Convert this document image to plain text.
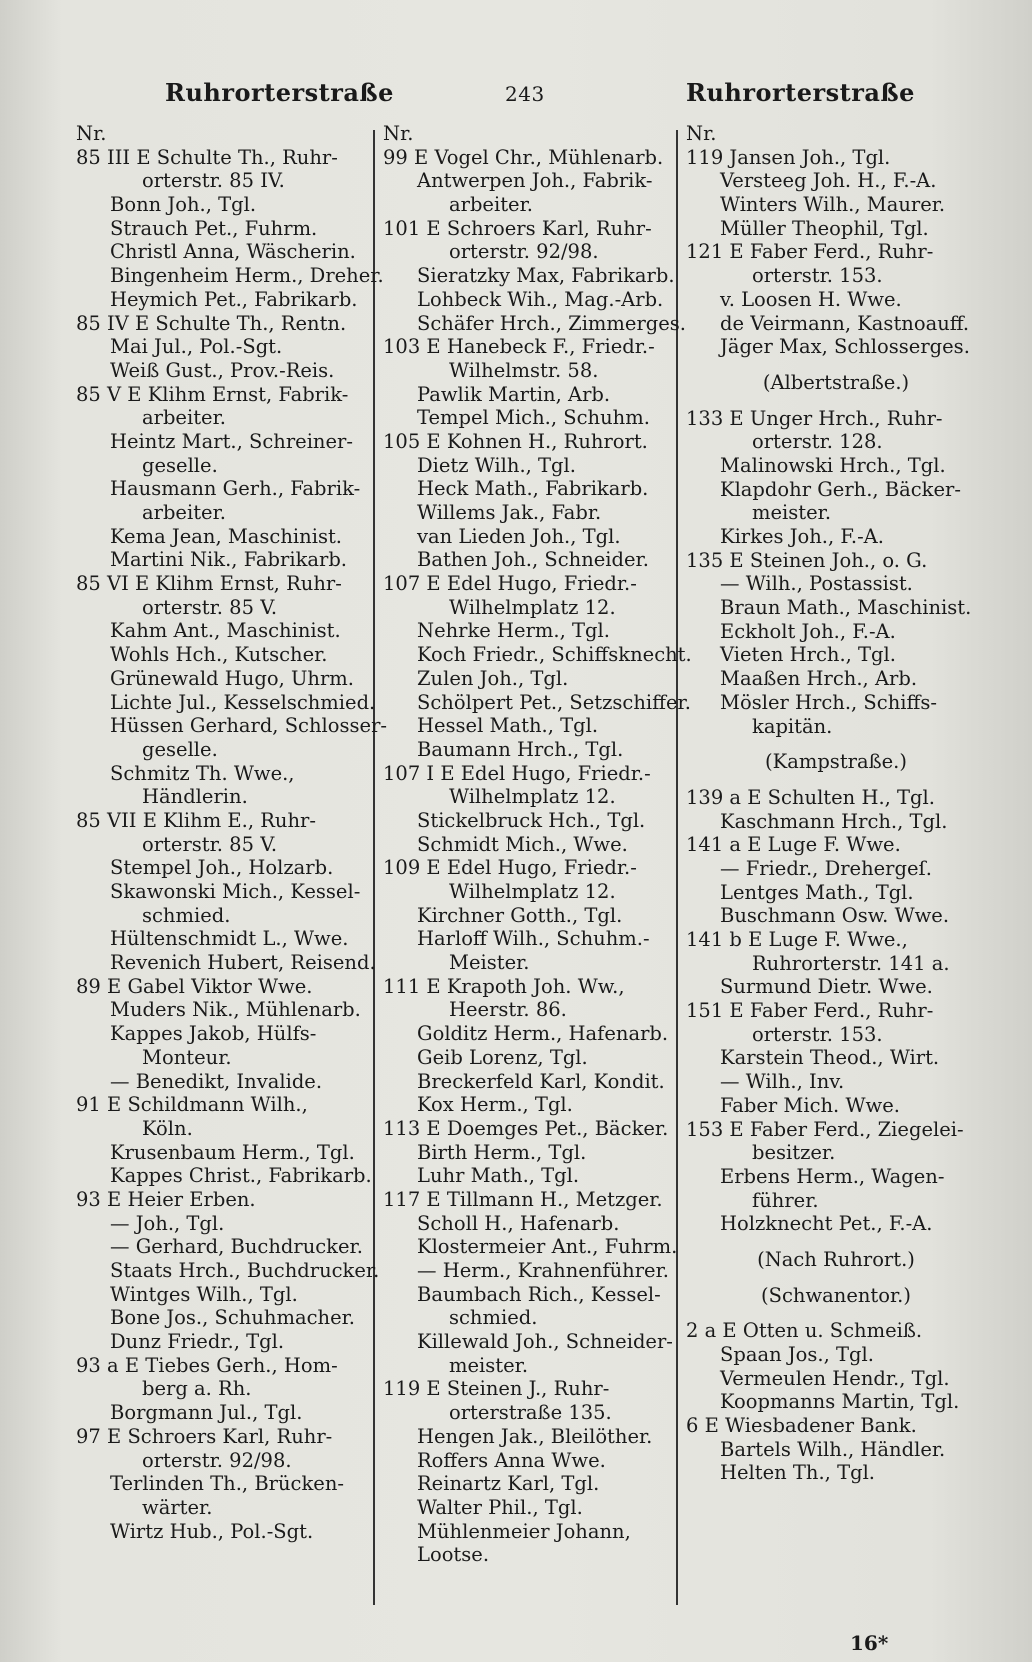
Ruhrorterstraße	243	Ruhrorterstraße
Nr.
85 III E Schulte Th., Ruhr-
orterstr. 85 IV.
Bonn Joh., Tgl.
Strauch Pet., Fuhrm.
Christl Anna, Wäscherin.
Bingenheim Herm., Dreher.
Heymich Pet., Fabrikarb.
85 IV E Schulte Th., Rentn.
Mai Jul., Pol.-Sgt.
Weiß Gust., Prov.-Reis.
85 V E Klihm Ernst, Fabrik-
arbeiter.
Heintz Mart., Schreiner-
geselle.
Hausmann Gerh., Fabrik-
arbeiter.
Kema Jean, Maschinist.
Martini Nik., Fabrikarb.
85 VI E Klihm Ernst, Ruhr-
orterstr. 85 V.
Kahm Ant., Maschinist.
Wohls Hch., Kutscher.
Grünewald Hugo, Uhrm.
Lichte Jul., Kesselschmied.
Hüssen Gerhard, Schlosser-
geselle.
Schmitz Th. Wwe.,
Händlerin.
85 VII E Klihm E., Ruhr-
orterstr. 85 V.
Stempel Joh., Holzarb.
Skawonski Mich., Kessel-
schmied.
Hültenschmidt L., Wwe.
Revenich Hubert, Reisend.
89 E Gabel Viktor Wwe.
Muders Nik., Mühlenarb.
Kappes Jakob, Hülfs-
Monteur.
— Benedikt, Invalide.
91 E Schildmann Wilh.,
Köln.
Krusenbaum Herm., Tgl.
Kappes Christ., Fabrikarb.
93 E Heier Erben.
— Joh., Tgl.
— Gerhard, Buchdrucker.
Staats Hrch., Buchdrucker.
Wintges Wilh., Tgl.
Bone Jos., Schuhmacher.
Dunz Friedr., Tgl.
93 a E Tiebes Gerh., Hom-
berg a. Rh.
Borgmann Jul., Tgl.
97 E Schroers Karl, Ruhr-
orterstr. 92/98.
Terlinden Th., Brücken-
wärter.
Wirtz Hub., Pol.-Sgt.
Nr.
99 E Vogel Chr., Mühlenarb.
Antwerpen Joh., Fabrik-
arbeiter.
101 E Schroers Karl, Ruhr-
orterstr. 92/98.
Sieratzky Max, Fabrikarb.
Lohbeck Wih., Mag.-Arb.
Schäfer Hrch., Zimmerges.
103 E Hanebeck F., Friedr.-
Wilhelmstr. 58.
Pawlik Martin, Arb.
Tempel Mich., Schuhm.
105 E Kohnen H., Ruhrort.
Dietz Wilh., Tgl.
Heck Math., Fabrikarb.
Willems Jak., Fabr.
van Lieden Joh., Tgl.
Bathen Joh., Schneider.
107 E Edel Hugo, Friedr.-
Wilhelmplatz 12.
Nehrke Herm., Tgl.
Koch Friedr., Schiffsknecht.
Zulen Joh., Tgl.
Schölpert Pet., Setzschiffer.
Hessel Math., Tgl.
Baumann Hrch., Tgl.
107 I E Edel Hugo, Friedr.-
Wilhelmplatz 12.
Stickelbruck Hch., Tgl.
Schmidt Mich., Wwe.
109 E Edel Hugo, Friedr.-
Wilhelmplatz 12.
Kirchner Gotth., Tgl.
Harloff Wilh., Schuhm.-
Meister.
111 E Krapoth Joh. Ww.,
Heerstr. 86.
Golditz Herm., Hafenarb.
Geib Lorenz, Tgl.
Breckerfeld Karl, Kondit.
Kox Herm., Tgl.
113 E Doemges Pet., Bäcker.
Birth Herm., Tgl.
Luhr Math., Tgl.
117 E Tillmann H., Metzger.
Scholl H., Hafenarb.
Klostermeier Ant., Fuhrm.
— Herm., Krahnenführer.
Baumbach Rich., Kessel-
schmied.
Killewald Joh., Schneider-
meister.
119 E Steinen J., Ruhr-
orterstraße 135.
Hengen Jak., Bleilöther.
Roffers Anna Wwe.
Reinartz Karl, Tgl.
Walter Phil., Tgl.
Mühlenmeier Johann,
Lootse.
Nr.
119 Jansen Joh., Tgl.
Versteeg Joh. H., F.-A.
Winters Wilh., Maurer.
Müller Theophil, Tgl.
121 E Faber Ferd., Ruhr-
orterstr. 153.
v. Loosen H. Wwe.
de Veirmann, Kastnoauff.
Jäger Max, Schlosserges.
(Albertstraße.)
133 E Unger Hrch., Ruhr-
orterstr. 128.
Malinowski Hrch., Tgl.
Klapdohr Gerh., Bäcker-
meister.
Kirkes Joh., F.-A.
135 E Steinen Joh., o. G.
— Wilh., Postassist.
Braun Math., Maschinist.
Eckholt Joh., F.-A.
Vieten Hrch., Tgl.
Maaßen Hrch., Arb.
Mösler Hrch., Schiffs-
kapitän.
(Kampstraße.)
139 a E Schulten H., Tgl.
Kaschmann Hrch., Tgl.
141 a E Luge F. Wwe.
— Friedr., Drehergeſ.
Lentges Math., Tgl.
Buschmann Osw. Wwe.
141 b E Luge F. Wwe.,
Ruhrorterstr. 141 a.
Surmund Dietr. Wwe.
151 E Faber Ferd., Ruhr-
orterstr. 153.
Karstein Theod., Wirt.
— Wilh., Inv.
Faber Mich. Wwe.
153 E Faber Ferd., Ziegelei-
besitzer.
Erbens Herm., Wagen-
führer.
Holzknecht Pet., F.-A.
(Nach Ruhrort.)
(Schwanentor.)
2 a E Otten u. Schmeiß.
Spaan Jos., Tgl.
Vermeulen Hendr., Tgl.
Koopmanns Martin, Tgl.
6 E Wiesbadener Bank.
Bartels Wilh., Händler.
Helten Th., Tgl.
16*
